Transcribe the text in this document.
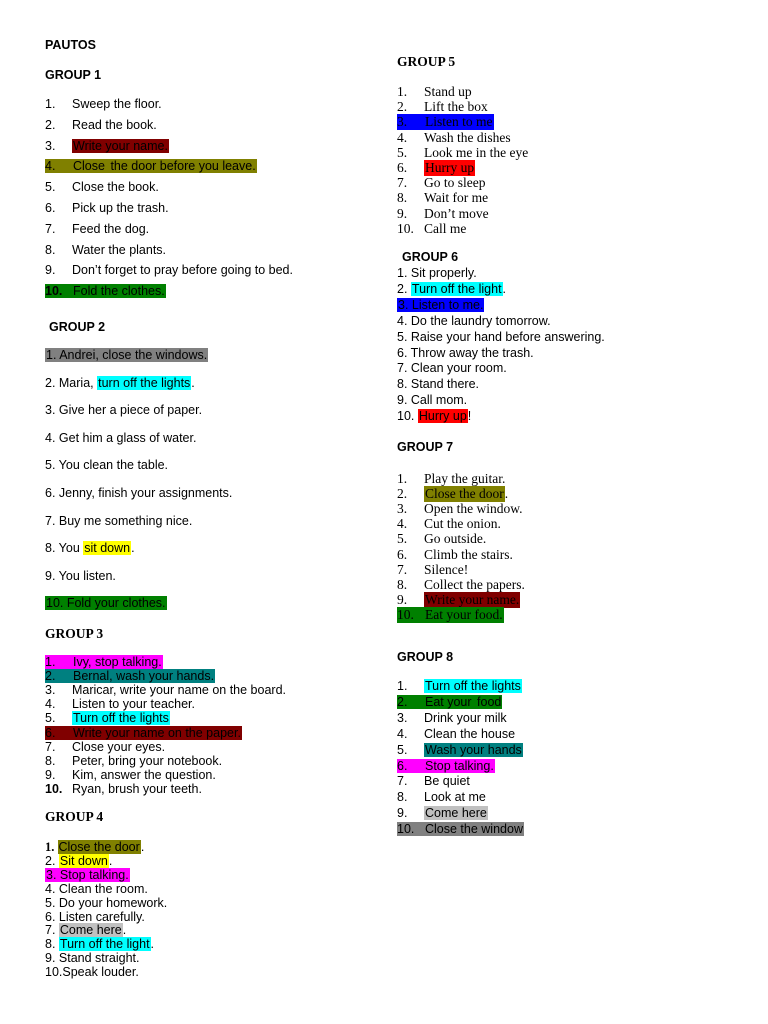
PAUTOS
GROUP 1
1. Sweep the floor.
2. Read the book.
3. Write your name.
4.	Close the door before you leave.
5. Close the book.
6. Pick up the trash.
7. Feed the dog.
8. Water the plants.
9. Don’t forget to pray before going to bed.
10. Fold the clothes.
GROUP 2
1. Andrei, close the windows.
2. Maria, turn off the lights.
3. Give her a piece of paper.
4. Get him a glass of water.
5. You clean the table.
6. Jenny, finish your assignments.
7. Buy me something nice.
8. You sit down.
9. You listen.
10. Fold your clothes.
GROUP 3
1.	Ivy, stop talking.
2.	Bernal, wash your hands.
3. Maricar, write your name on the board.
4. Listen to your teacher.
5. Turn off the lights
6.	Write your name on the paper.
7. Close your eyes.
8. Peter, bring your notebook.
9. Kim, answer the question.
10. Ryan, brush your teeth.
GROUP 4
1. Close the door.
2. Sit down.
3. Stop talking.
4. Clean the room.
5. Do your homework.
6. Listen carefully.
7. Come here.
8. Turn off the light.
9. Stand straight.
10.Speak louder.
GROUP 5
1. Stand up
2. Lift the box
3.	Listen to me
4. Wash the dishes
5. Look me in the eye
6. Hurry up
7. Go to sleep
8. Wait for me
9. Don’t move
10. Call me
GROUP 6
1. Sit properly.
2. Turn off the light.
3. Listen to me.
4. Do the laundry tomorrow.
5. Raise your hand before answering.
6. Throw away the trash.
7. Clean your room.
8. Stand there.
9. Call mom.
10. Hurry up!
GROUP 7
1. Play the guitar.
2. Close the door.
3. Open the window.
4. Cut the onion.
5. Go outside.
6. Climb the stairs.
7. Silence!
8. Collect the papers.
9. Write your name.
10. Eat your food.
GROUP 8
1. Turn off the lights
2.	Eat your food
3. Drink your milk
4. Clean the house
5. Wash your hands
6.	Stop talking.
7. Be quiet
8. Look at me
9. Come here
10. Close the window
